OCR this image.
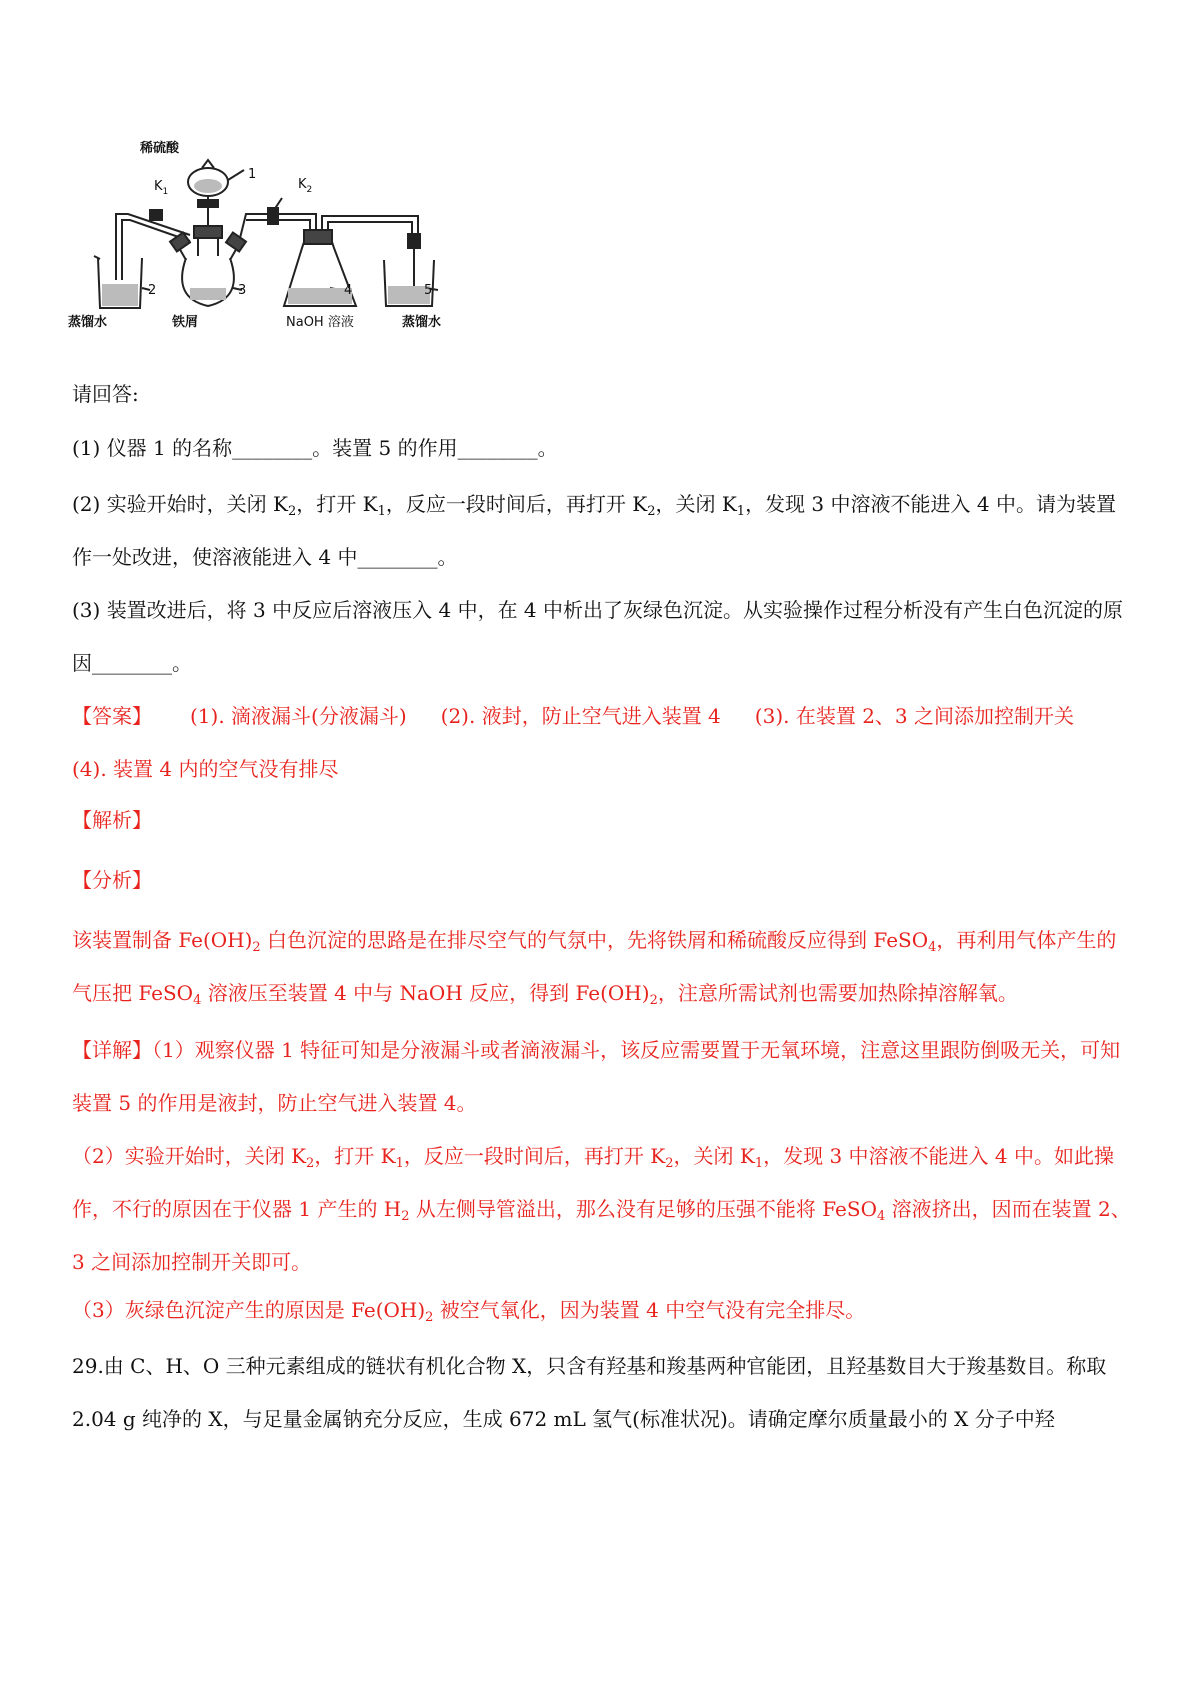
稀硫酸
$K_1$
1
$K_2$
2	3	4	5
蒸馏水	铁屑	NaOH 溶液	蒸馏水
请回答:
(1) 仪器 1 的名称________。装置 5 的作用________。
(2) 实验开始时，关闭 $K_2$，打开 $K_1$，反应一段时间后，再打开 $K_2$，关闭 $K_1$，发现 3 中溶液不能进入 4 中。请为装置作一处改进，使溶液能进入 4 中________。
(3) 装置改进后，将 3 中反应后溶液压入 4 中，在 4 中析出了灰绿色沉淀。从实验操作过程分析没有产生白色沉淀的原因________。
【答案】 (1). 滴液漏斗(分液漏斗) (2). 液封，防止空气进入装置 4 (3). 在装置 2、3 之间添加控制开关
(4). 装置 4 内的空气没有排尽
【解析】
【分析】
该装置制备 $Fe(OH)_2$ 白色沉淀的思路是在排尽空气的气氛中，先将铁屑和稀硫酸反应得到 FeSO$_4$，再利用气体产生的气压把 FeSO$_4$ 溶液压至装置 4 中与 NaOH 反应，得到 $Fe(OH)_2$，注意所需试剂也需要加热除掉溶解氧。
【详解】（1）观察仪器 1 特征可知是分液漏斗或者滴液漏斗，该反应需要置于无氧环境，注意这里跟防倒吸无关，可知装置 5 的作用是液封，防止空气进入装置 4。
（2）实验开始时，关闭 $K_2$，打开 $K_1$，反应一段时间后，再打开 $K_2$，关闭 $K_1$，发现 3 中溶液不能进入 4 中。如此操作，不行的原因在于仪器 1 产生的 $H_2$ 从左侧导管溢出，那么没有足够的压强不能将 FeSO$_4$ 溶液挤出，因而在装置 2、3 之间添加控制开关即可。
（3）灰绿色沉淀产生的原因是 $Fe(OH)_2$ 被空气氧化，因为装置 4 中空气没有完全排尽。
29.由 C、H、O 三种元素组成的链状有机化合物 X，只含有羟基和羧基两种官能团，且羟基数目大于羧基数目。称取 2.04 g 纯净的 X，与足量金属钠充分反应，生成 672 mL 氢气(标准状况)。请确定摩尔质量最小的 X 分子中羟
